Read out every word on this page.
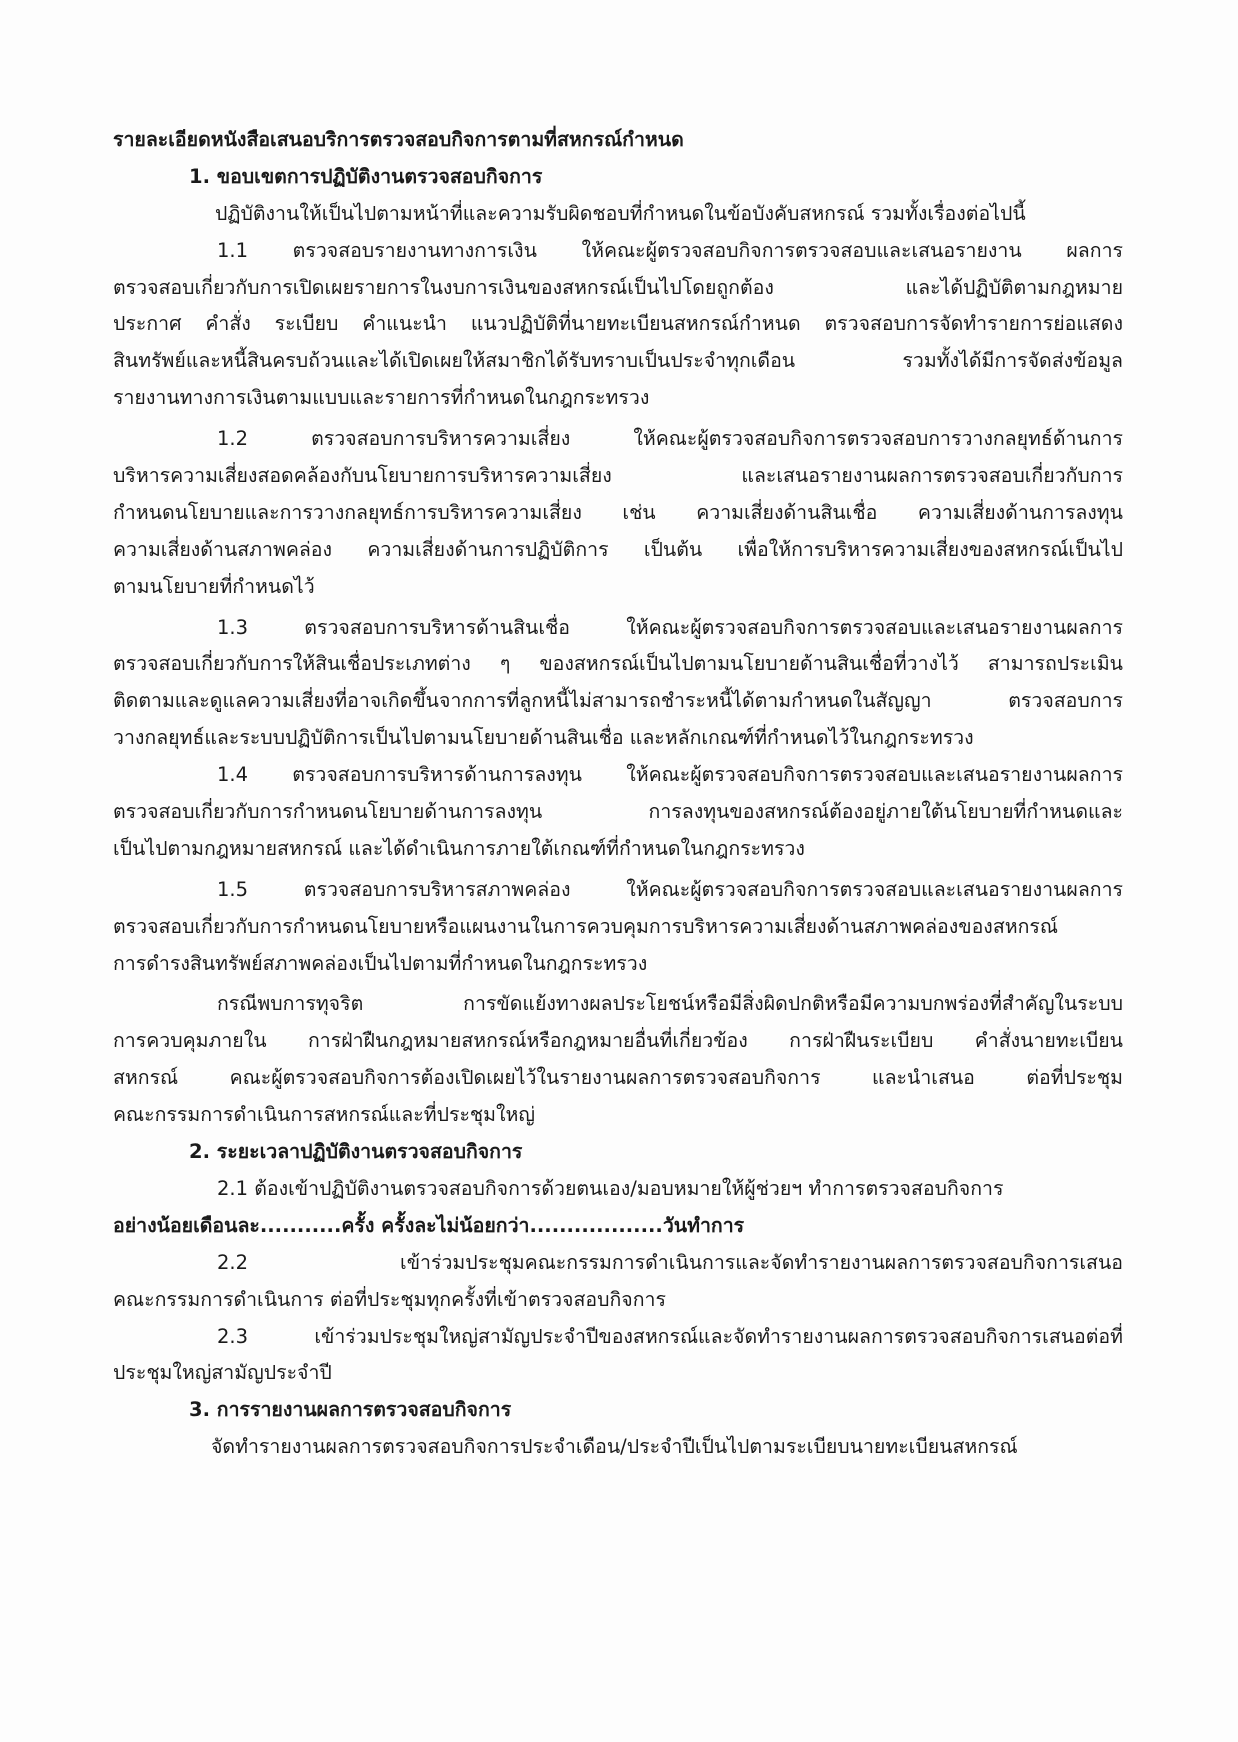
รายละเอียดหนังสือเสนอบริการตรวจสอบกิจการตามที่สหกรณ์กำหนด
1. ขอบเขตการปฏิบัติงานตรวจสอบกิจการ
ปฏิบัติงานให้เป็นไปตามหน้าที่และความรับผิดชอบที่กำหนดในข้อบังคับสหกรณ์ รวมทั้งเรื่องต่อไปนี้
1.1 ตรวจสอบรายงานทางการเงิน ให้คณะผู้ตรวจสอบกิจการตรวจสอบและเสนอรายงาน ผลการ
ตรวจสอบเกี่ยวกับการเปิดเผยรายการในงบการเงินของสหกรณ์เป็นไปโดยถูกต้อง และได้ปฏิบัติตามกฎหมาย
ประกาศ คำสั่ง ระเบียบ คำแนะนำ แนวปฏิบัติที่นายทะเบียนสหกรณ์กำหนด ตรวจสอบการจัดทำรายการย่อแสดง
สินทรัพย์และหนี้สินครบถ้วนและได้เปิดเผยให้สมาชิกได้รับทราบเป็นประจำทุกเดือน รวมทั้งได้มีการจัดส่งข้อมูล
รายงานทางการเงินตามแบบและรายการที่กำหนดในกฎกระทรวง
1.2 ตรวจสอบการบริหารความเสี่ยง ให้คณะผู้ตรวจสอบกิจการตรวจสอบการวางกลยุทธ์ด้านการ
บริหารความเสี่ยงสอดคล้องกับนโยบายการบริหารความเสี่ยง และเสนอรายงานผลการตรวจสอบเกี่ยวกับการ
กำหนดนโยบายและการวางกลยุทธ์การบริหารความเสี่ยง เช่น ความเสี่ยงด้านสินเชื่อ ความเสี่ยงด้านการลงทุน
ความเสี่ยงด้านสภาพคล่อง ความเสี่ยงด้านการปฏิบัติการ เป็นต้น เพื่อให้การบริหารความเสี่ยงของสหกรณ์เป็นไป
ตามนโยบายที่กำหนดไว้
1.3 ตรวจสอบการบริหารด้านสินเชื่อ ให้คณะผู้ตรวจสอบกิจการตรวจสอบและเสนอรายงานผลการ
ตรวจสอบเกี่ยวกับการให้สินเชื่อประเภทต่าง ๆ ของสหกรณ์เป็นไปตามนโยบายด้านสินเชื่อที่วางไว้ สามารถประเมิน
ติดตามและดูแลความเสี่ยงที่อาจเกิดขึ้นจากการที่ลูกหนี้ไม่สามารถชำระหนี้ได้ตามกำหนดในสัญญา ตรวจสอบการ
วางกลยุทธ์และระบบปฏิบัติการเป็นไปตามนโยบายด้านสินเชื่อ และหลักเกณฑ์ที่กำหนดไว้ในกฎกระทรวง
1.4 ตรวจสอบการบริหารด้านการลงทุน ให้คณะผู้ตรวจสอบกิจการตรวจสอบและเสนอรายงานผลการ
ตรวจสอบเกี่ยวกับการกำหนดนโยบายด้านการลงทุน การลงทุนของสหกรณ์ต้องอยู่ภายใต้นโยบายที่กำหนดและ
เป็นไปตามกฎหมายสหกรณ์ และได้ดำเนินการภายใต้เกณฑ์ที่กำหนดในกฎกระทรวง
1.5 ตรวจสอบการบริหารสภาพคล่อง ให้คณะผู้ตรวจสอบกิจการตรวจสอบและเสนอรายงานผลการ
ตรวจสอบเกี่ยวกับการกำหนดนโยบายหรือแผนงานในการควบคุมการบริหารความเสี่ยงด้านสภาพคล่องของสหกรณ์
การดำรงสินทรัพย์สภาพคล่องเป็นไปตามที่กำหนดในกฎกระทรวง
กรณีพบการทุจริต การขัดแย้งทางผลประโยชน์หรือมีสิ่งผิดปกติหรือมีความบกพร่องที่สำคัญในระบบ
การควบคุมภายใน การฝ่าฝืนกฎหมายสหกรณ์หรือกฎหมายอื่นที่เกี่ยวข้อง การฝ่าฝืนระเบียบ คำสั่งนายทะเบียน
สหกรณ์ คณะผู้ตรวจสอบกิจการต้องเปิดเผยไว้ในรายงานผลการตรวจสอบกิจการ และนำเสนอ ต่อที่ประชุม
คณะกรรมการดำเนินการสหกรณ์และที่ประชุมใหญ่
2. ระยะเวลาปฏิบัติงานตรวจสอบกิจการ
2.1 ต้องเข้าปฏิบัติงานตรวจสอบกิจการด้วยตนเอง/มอบหมายให้ผู้ช่วยฯ ทำการตรวจสอบกิจการ
อย่างน้อยเดือนละ...........ครั้ง ครั้งละไม่น้อยกว่า..................วันทำการ
2.2 เข้าร่วมประชุมคณะกรรมการดำเนินการและจัดทำรายงานผลการตรวจสอบกิจการเสนอ
คณะกรรมการดำเนินการ ต่อที่ประชุมทุกครั้งที่เข้าตรวจสอบกิจการ
2.3 เข้าร่วมประชุมใหญ่สามัญประจำปีของสหกรณ์และจัดทำรายงานผลการตรวจสอบกิจการเสนอต่อที่
ประชุมใหญ่สามัญประจำปี
3. การรายงานผลการตรวจสอบกิจการ
จัดทำรายงานผลการตรวจสอบกิจการประจำเดือน/ประจำปีเป็นไปตามระเบียบนายทะเบียนสหกรณ์
